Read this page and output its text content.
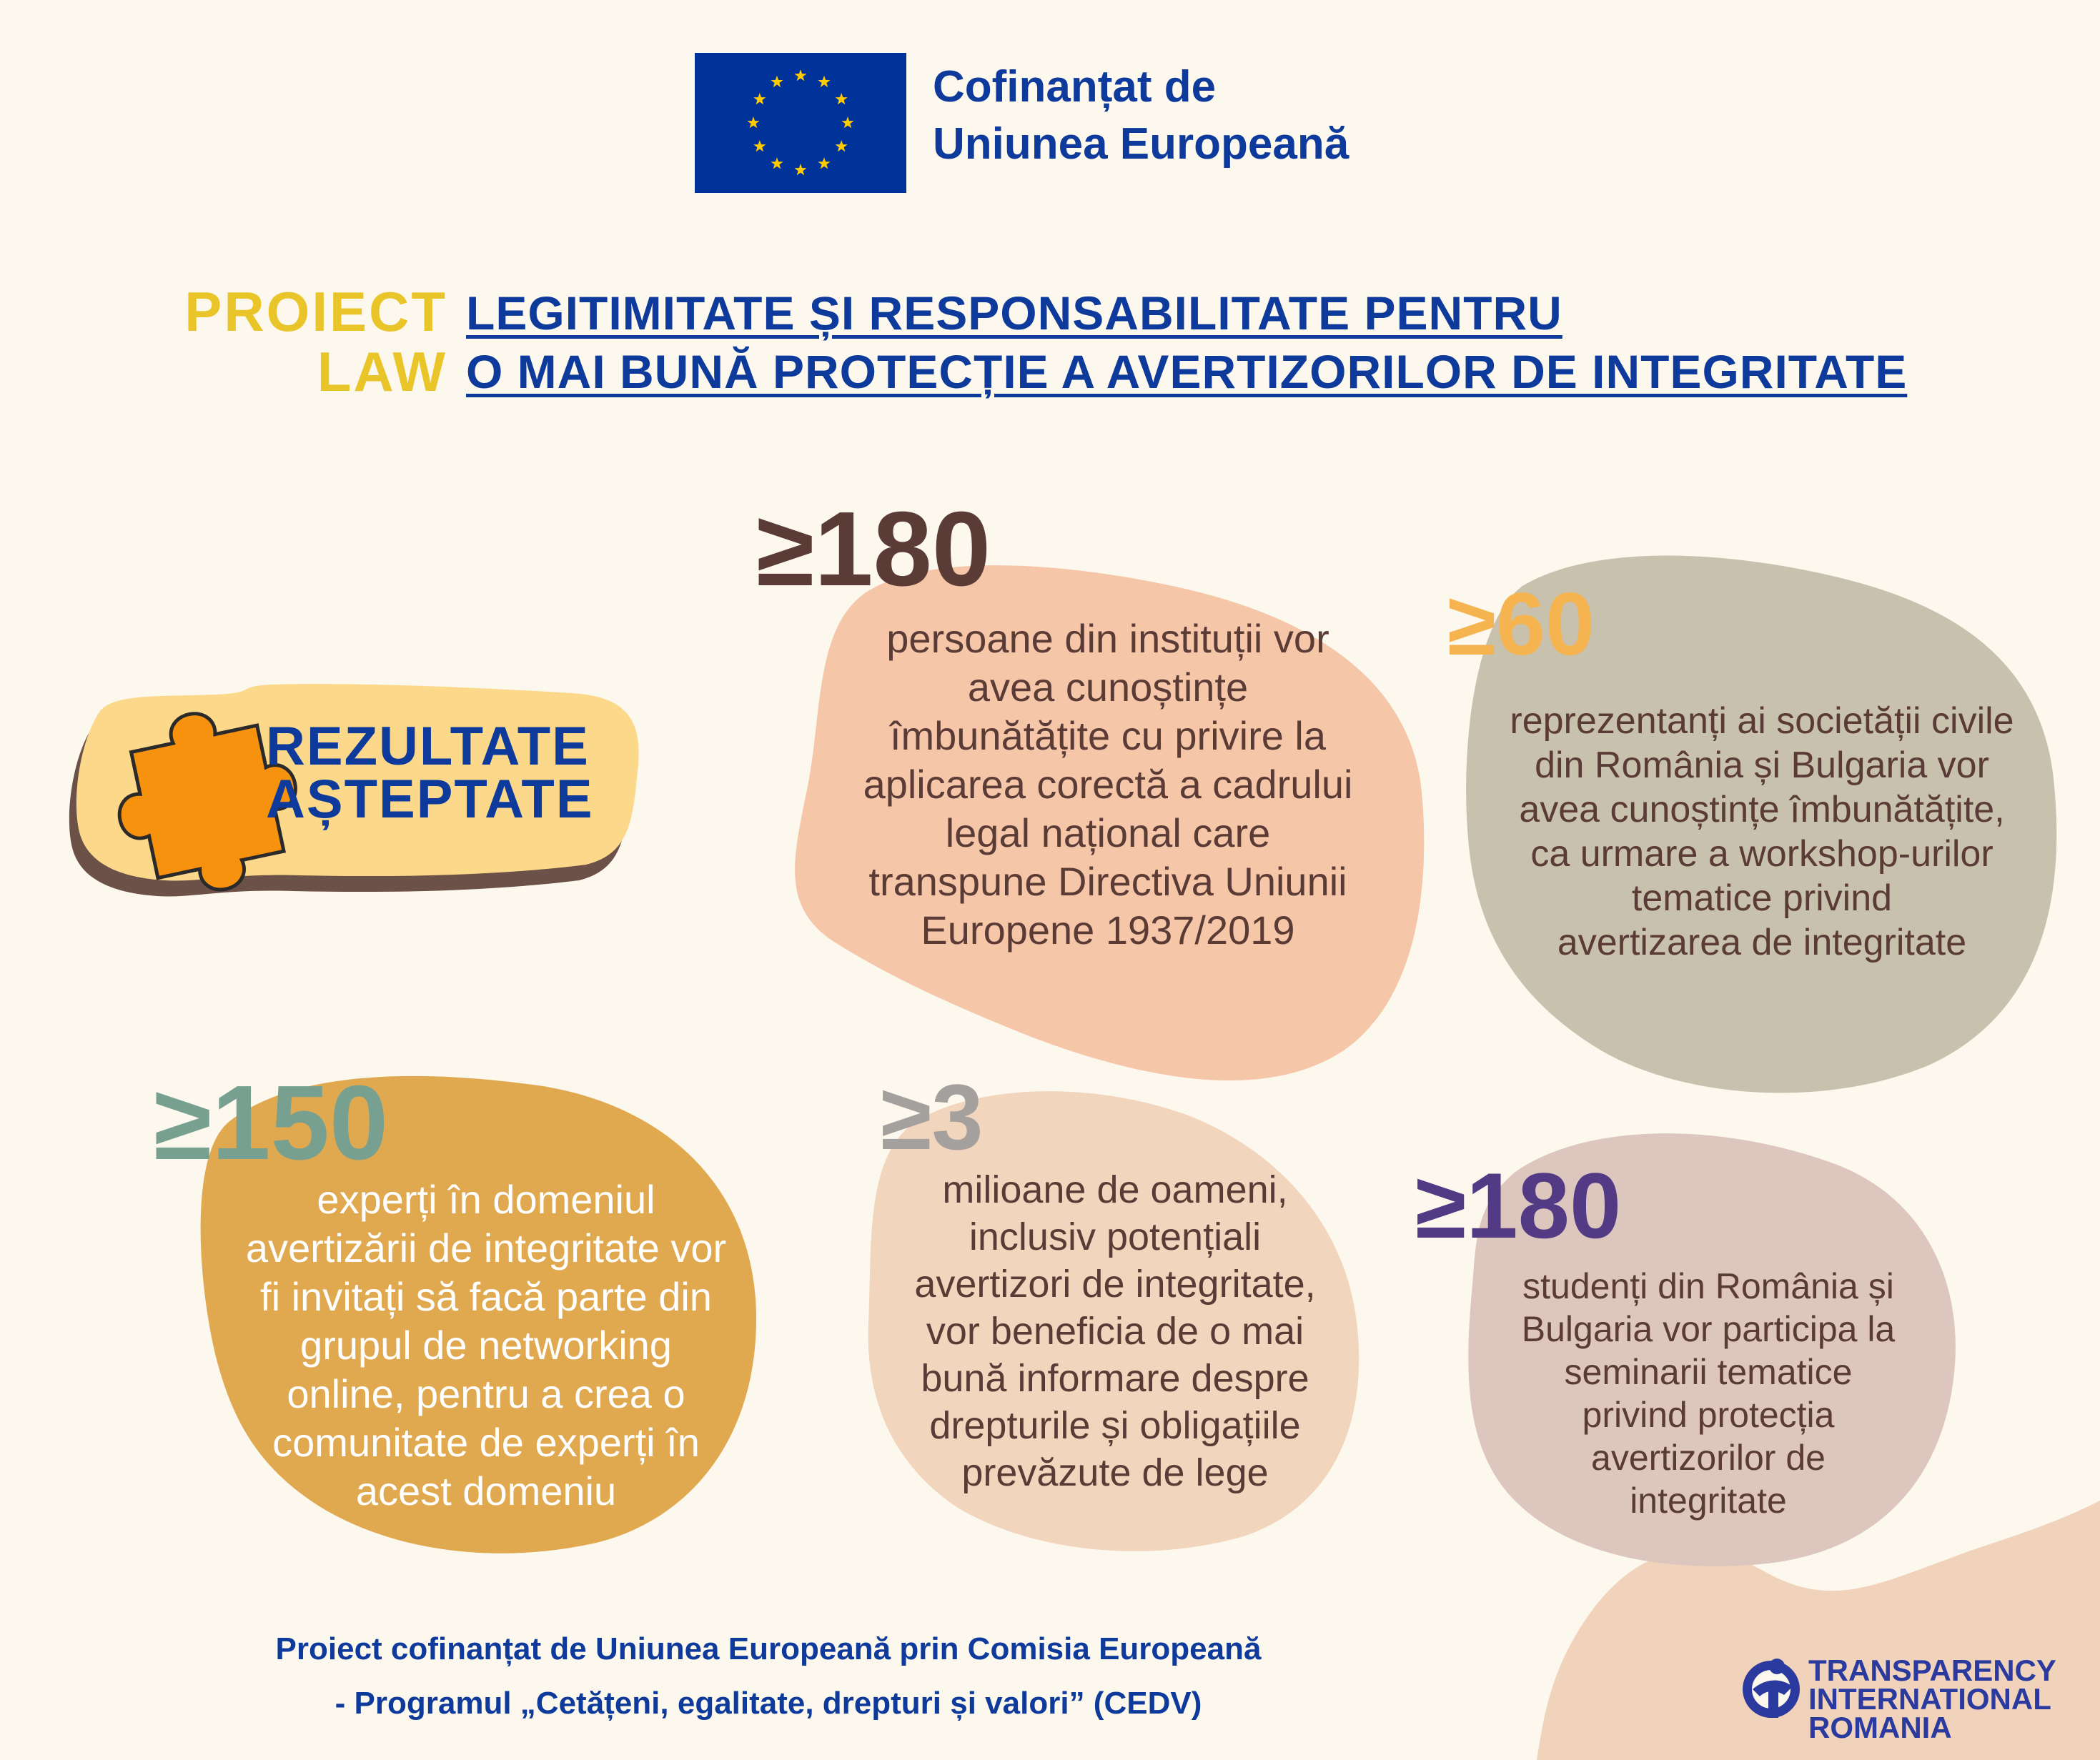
Cofinanțat de
Uniunea Europeană
PROIECT
LAW
LEGITIMITATE ȘI RESPONSABILITATE PENTRU
O MAI BUNĂ PROTECȚIE A AVERTIZORILOR DE INTEGRITATE
REZULTATE
AȘTEPTATE
≥180
persoane din instituții vor
avea cunoștințe
îmbunătățite cu privire la
aplicarea corectă a cadrului
legal național care
transpune Directiva Uniunii
Europene 1937/2019
≥60
reprezentanți ai societății civile
din România și Bulgaria vor
avea cunoștințe îmbunătățite,
ca urmare a workshop-urilor
tematice privind
avertizarea de integritate
≥150
experți în domeniul
avertizării de integritate vor
fi invitați să facă parte din
grupul de networking
online, pentru a crea o
comunitate de experți în
acest domeniu
≥3
milioane de oameni,
inclusiv potențiali
avertizori de integritate,
vor beneficia de o mai
bună informare despre
drepturile și obligațiile
prevăzute de lege
≥180
studenți din România și
Bulgaria vor participa la
seminarii tematice
privind protecția
avertizorilor de
integritate
Proiect cofinanțat de Uniunea Europeană prin Comisia Europeană
- Programul „Cetățeni, egalitate, drepturi și valori” (CEDV)
TRANSPARENCY
INTERNATIONAL
ROMANIA
